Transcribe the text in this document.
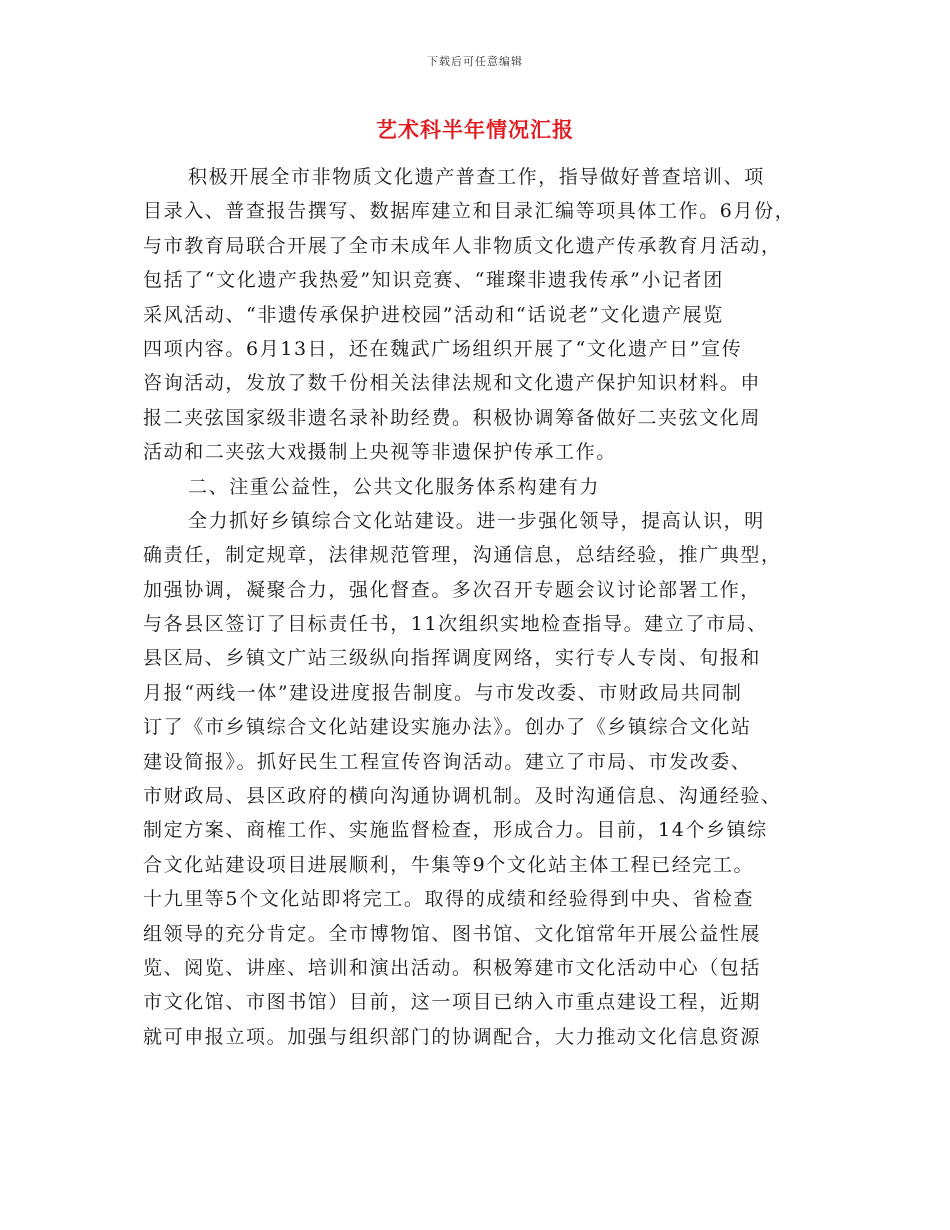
下载后可任意编辑
艺术科半年情况汇报
积极开展全市非物质文化遗产普查工作，指导做好普查培训、项
目录入、普查报告撰写、数据库建立和目录汇编等项具体工作。6月份，
与市教育局联合开展了全市未成年人非物质文化遗产传承教育月活动，
包括了“文化遗产我热爱”知识竞赛、“璀璨非遗我传承”小记者团
采风活动、“非遗传承保护进校园”活动和“话说老”文化遗产展览
四项内容。6月13日，还在魏武广场组织开展了“文化遗产日”宣传
咨询活动，发放了数千份相关法律法规和文化遗产保护知识材料。申
报二夹弦国家级非遗名录补助经费。积极协调筹备做好二夹弦文化周
活动和二夹弦大戏摄制上央视等非遗保护传承工作。
二、注重公益性，公共文化服务体系构建有力
全力抓好乡镇综合文化站建设。进一步强化领导，提高认识，明
确责任，制定规章，法律规范管理，沟通信息，总结经验，推广典型，
加强协调，凝聚合力，强化督查。多次召开专题会议讨论部署工作，
与各县区签订了目标责任书，11次组织实地检查指导。建立了市局、
县区局、乡镇文广站三级纵向指挥调度网络，实行专人专岗、旬报和
月报“两线一体”建设进度报告制度。与市发改委、市财政局共同制
订了《市乡镇综合文化站建设实施办法》。创办了《乡镇综合文化站
建设简报》。抓好民生工程宣传咨询活动。建立了市局、市发改委、
市财政局、县区政府的横向沟通协调机制。及时沟通信息、沟通经验、
制定方案、商榷工作、实施监督检查，形成合力。目前，14个乡镇综
合文化站建设项目进展顺利，牛集等9个文化站主体工程已经完工。
十九里等5个文化站即将完工。取得的成绩和经验得到中央、省检查
组领导的充分肯定。全市博物馆、图书馆、文化馆常年开展公益性展
览、阅览、讲座、培训和演出活动。积极筹建市文化活动中心（包括
市文化馆、市图书馆）目前，这一项目已纳入市重点建设工程，近期
就可申报立项。加强与组织部门的协调配合，大力推动文化信息资源
